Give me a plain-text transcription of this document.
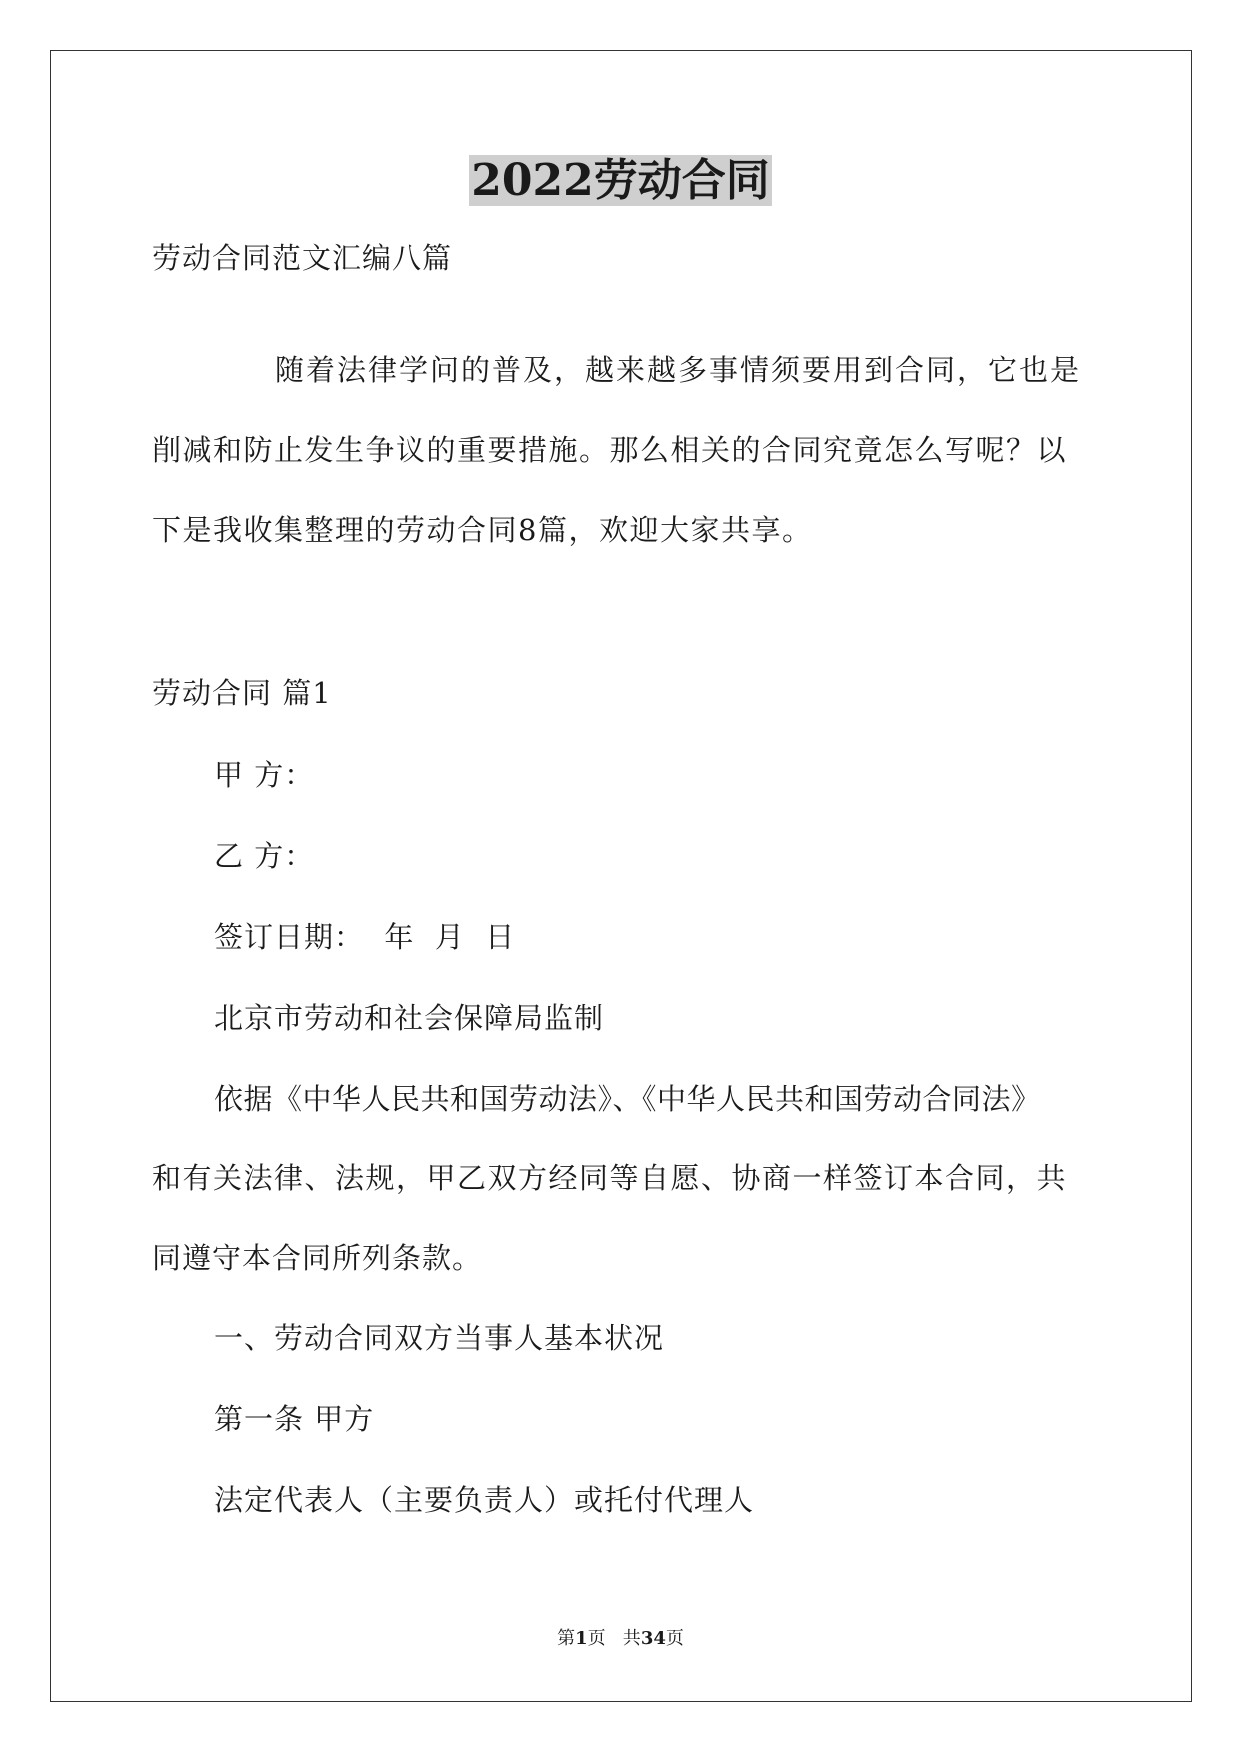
2022劳动合同
劳动合同范文汇编八篇
随着法律学问的普及，越来越多事情须要用到合同，它也是
削减和防止发生争议的重要措施。那么相关的合同究竟怎么写呢？以
下是我收集整理的劳动合同8篇，欢迎大家共享。
劳动合同 篇1
甲 方：
乙 方：
签订日期：  年  月  日
北京市劳动和社会保障局监制
依据《中华人民共和国劳动法》、《中华人民共和国劳动合同法》
和有关法律、法规，甲乙双方经同等自愿、协商一样签订本合同，共
同遵守本合同所列条款。
一、劳动合同双方当事人基本状况
第一条 甲方
法定代表人（主要负责人）或托付代理人
第1页   共34页
